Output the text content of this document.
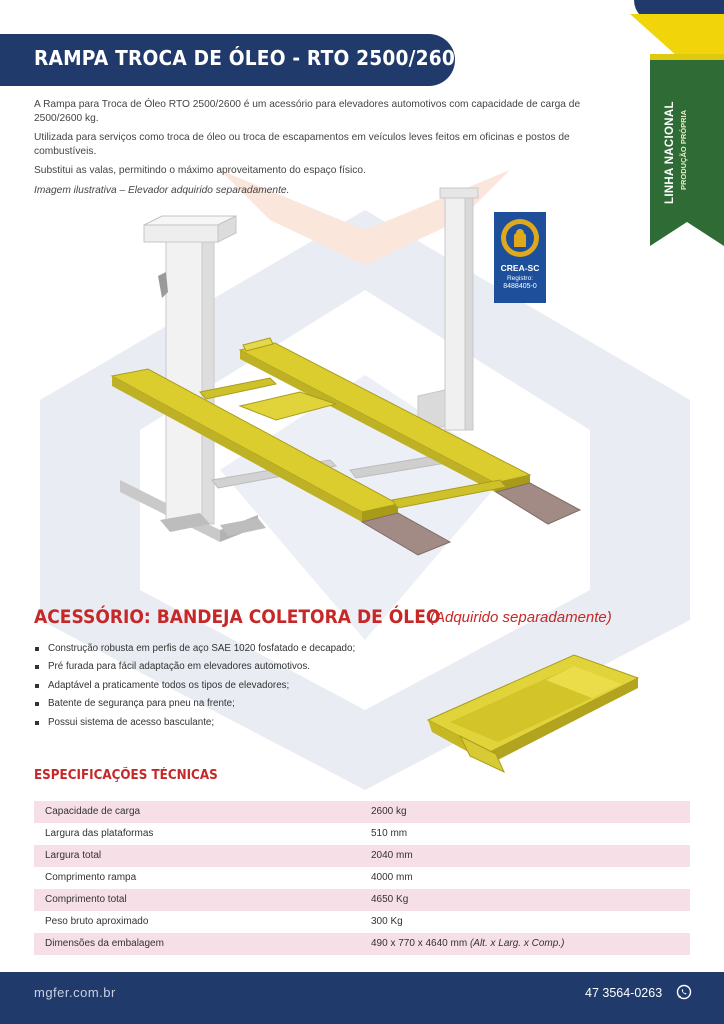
RAMPA TROCA DE ÓLEO - RTO 2500/2600
LINHA NACIONAL PRODUÇÃO PRÓPRIA

A Rampa para Troca de Óleo RTO 2500/2600 é um acessório para elevadores automotivos com capacidade de carga de 2500/2600 kg.

Utilizada para serviços como troca de óleo ou troca de escapamentos em veículos leves feitos em oficinas e postos de combustíveis.

Substitui as valas, permitindo o máximo aproveitamento do espaço físico.

Imagem ilustrativa – Elevador adquirido separadamente.

CREA-SC
Registro:
8488405-0
ACESSÓRIO: BANDEJA COLETORA DE ÓLEO
(Adquirido separadamente)
Construção robusta em perfis de aço SAE 1020 fosfatado e decapado;
Pré furada para fácil adaptação em elevadores automotivos.
Adaptável a praticamente todos os tipos de elevadores;
Batente de segurança para pneu na frente;
Possui sistema de acesso basculante;
ESPECIFICAÇÕES TÉCNICAS
Capacidade de carga	2600 kg
Largura das plataformas	510 mm
Largura total	2040 mm
Comprimento rampa	4000 mm
Comprimento total	4650 Kg
Peso bruto aproximado	300 Kg
Dimensões da embalagem	490 x 770 x 4640 mm (Alt. x Larg. x Comp.)
mgfer.com.br	47 3564-0263
